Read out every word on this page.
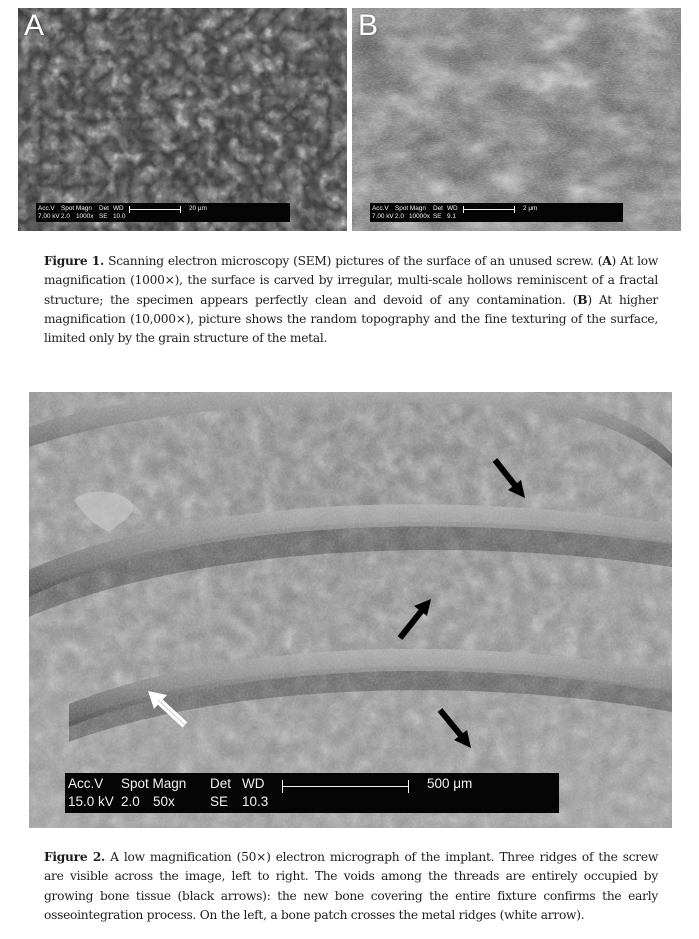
A
Acc.V Spot Magn Det WD
7.00 kV 2.0 1000x SE 10.0
20 μm
B
Acc.V Spot Magn Det WD
7.00 kV 2.0 10000x SE 9.1
2 μm
Figure 1. Scanning electron microscopy (SEM) pictures of the surface of an unused screw. (A) At low magnification (1000×), the surface is carved by irregular, multi-scale hollows reminiscent of a fractal structure; the specimen appears perfectly clean and devoid of any contamination. (B) At higher magnification (10,000×), picture shows the random topography and the fine texturing of the surface, limited only by the grain structure of the metal.
Acc.V Spot Magn Det WD
15.0 kV 2.0 50x	SE 10.3
500 μm
Figure 2. A low magnification (50×) electron micrograph of the implant. Three ridges of the screw are visible across the image, left to right. The voids among the threads are entirely occupied by growing bone tissue (black arrows): the new bone covering the entire fixture confirms the early osseointegration process. On the left, a bone patch crosses the metal ridges (white arrow).
